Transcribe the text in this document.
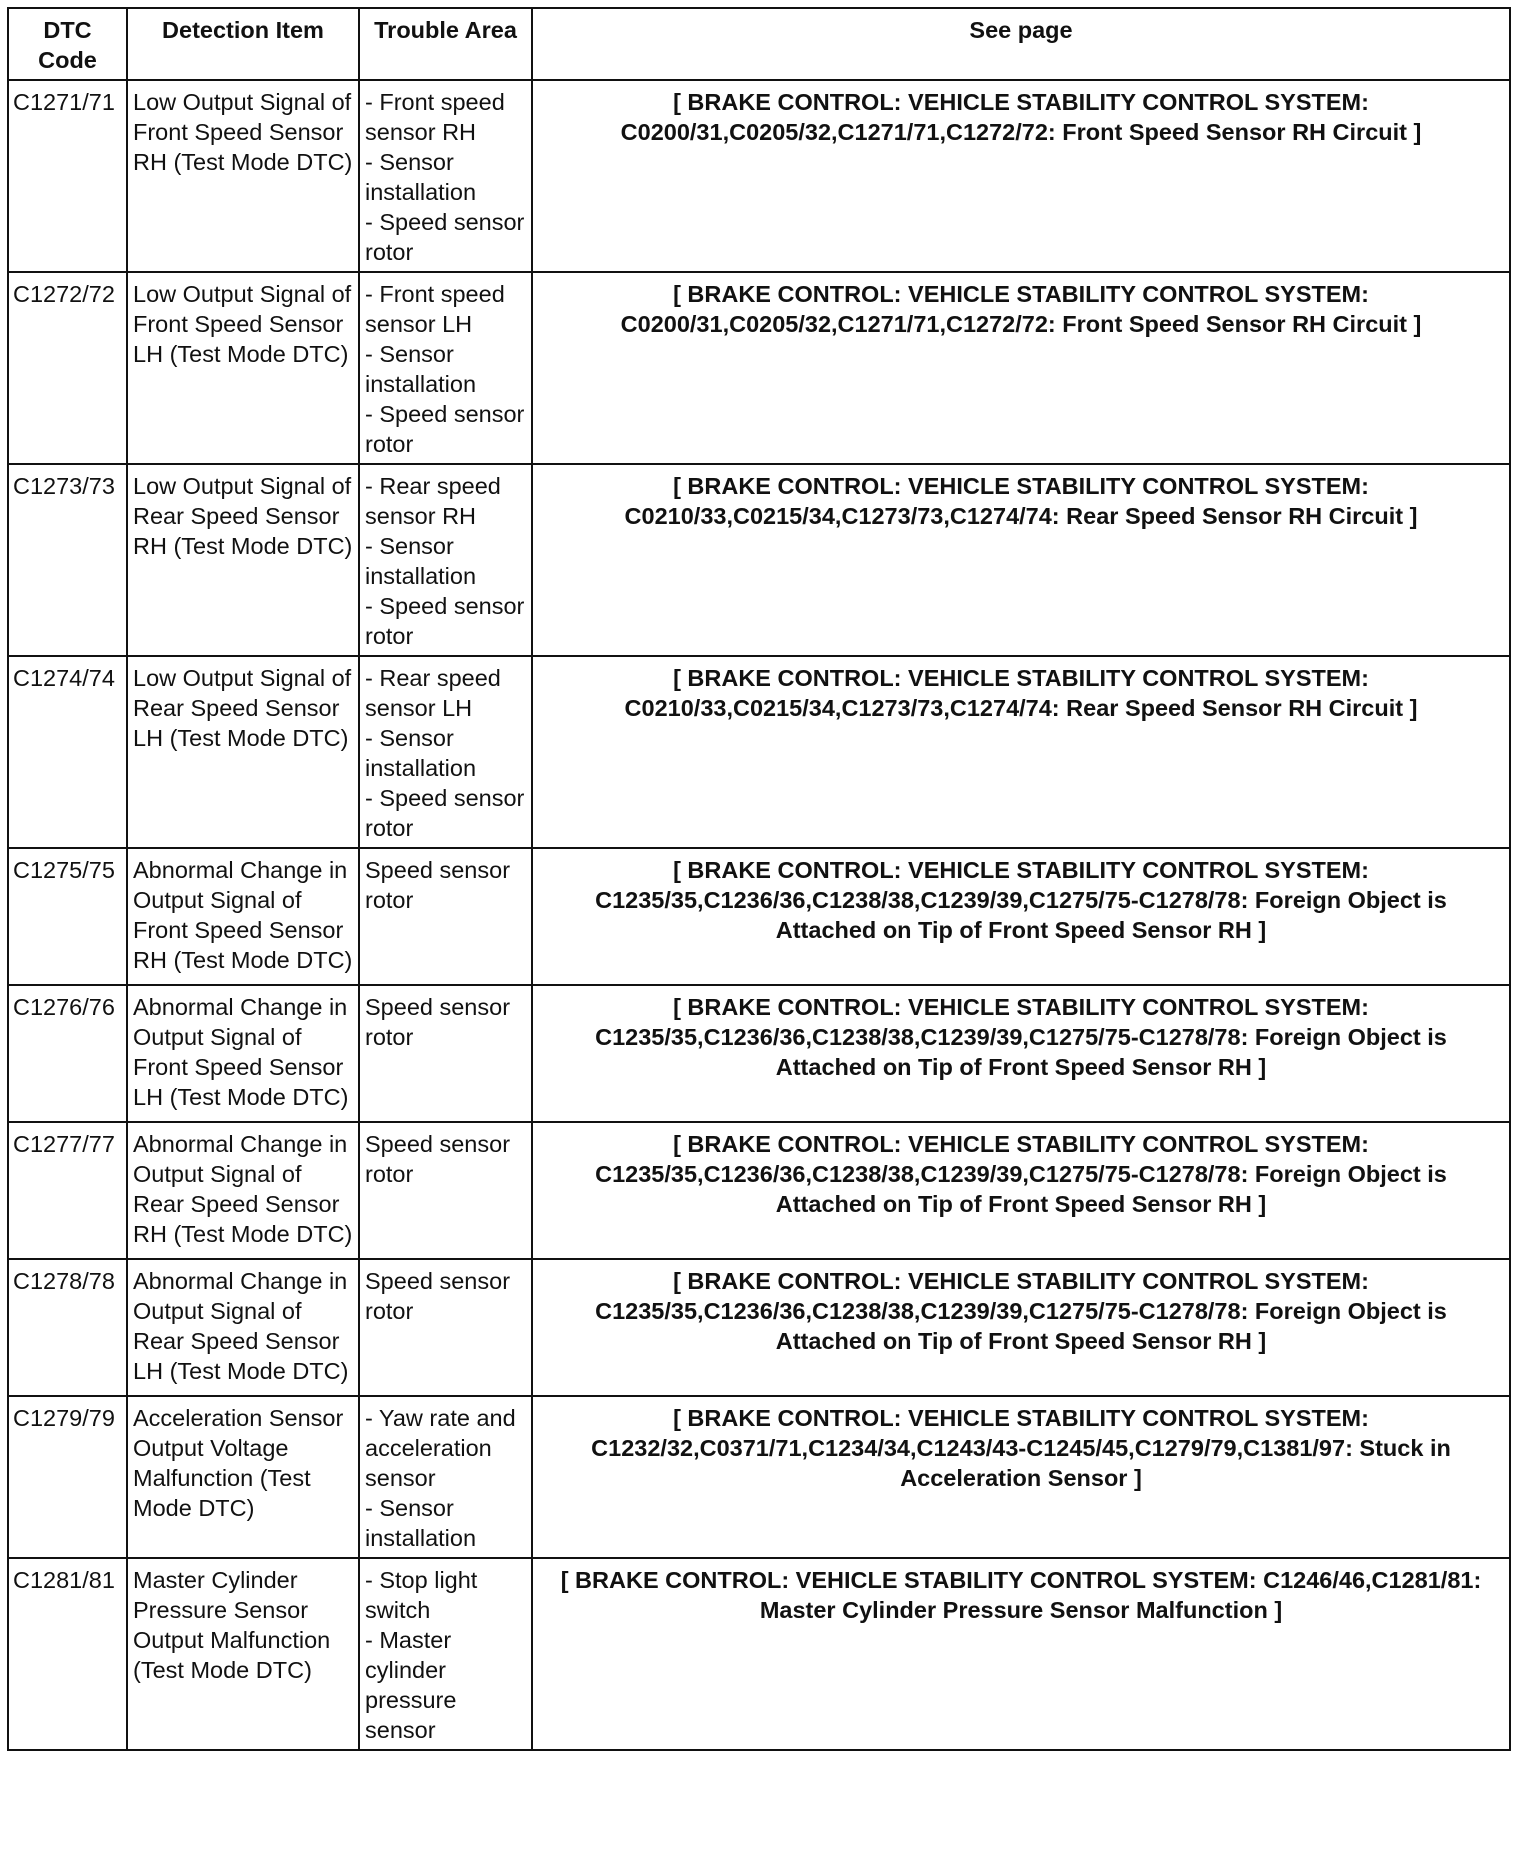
DTC
Code	Detection Item	Trouble Area	See page
C1271/71	Low Output Signal of Front Speed Sensor RH (Test Mode DTC)	- Front speed sensor RH
- Sensor installation
- Speed sensor rotor	[ BRAKE CONTROL: VEHICLE STABILITY CONTROL SYSTEM: C0200/31,C0205/32,C1271/71,C1272/72: Front Speed Sensor RH Circuit ]
C1272/72	Low Output Signal of Front Speed Sensor LH (Test Mode DTC)	- Front speed sensor LH
- Sensor installation
- Speed sensor rotor	[ BRAKE CONTROL: VEHICLE STABILITY CONTROL SYSTEM: C0200/31,C0205/32,C1271/71,C1272/72: Front Speed Sensor RH Circuit ]
C1273/73	Low Output Signal of Rear Speed Sensor RH (Test Mode DTC)	- Rear speed sensor RH
- Sensor installation
- Speed sensor rotor	[ BRAKE CONTROL: VEHICLE STABILITY CONTROL SYSTEM: C0210/33,C0215/34,C1273/73,C1274/74: Rear Speed Sensor RH Circuit ]
C1274/74	Low Output Signal of Rear Speed Sensor LH (Test Mode DTC)	- Rear speed sensor LH
- Sensor installation
- Speed sensor rotor	[ BRAKE CONTROL: VEHICLE STABILITY CONTROL SYSTEM: C0210/33,C0215/34,C1273/73,C1274/74: Rear Speed Sensor RH Circuit ]
C1275/75	Abnormal Change in Output Signal of Front Speed Sensor RH (Test Mode DTC)	Speed sensor rotor	[ BRAKE CONTROL: VEHICLE STABILITY CONTROL SYSTEM: C1235/35,C1236/36,C1238/38,C1239/39,C1275/75-C1278/78: Foreign Object is Attached on Tip of Front Speed Sensor RH ]
C1276/76	Abnormal Change in Output Signal of Front Speed Sensor LH (Test Mode DTC)	Speed sensor rotor	[ BRAKE CONTROL: VEHICLE STABILITY CONTROL SYSTEM: C1235/35,C1236/36,C1238/38,C1239/39,C1275/75-C1278/78: Foreign Object is Attached on Tip of Front Speed Sensor RH ]
C1277/77	Abnormal Change in Output Signal of Rear Speed Sensor RH (Test Mode DTC)	Speed sensor rotor	[ BRAKE CONTROL: VEHICLE STABILITY CONTROL SYSTEM: C1235/35,C1236/36,C1238/38,C1239/39,C1275/75-C1278/78: Foreign Object is Attached on Tip of Front Speed Sensor RH ]
C1278/78	Abnormal Change in Output Signal of Rear Speed Sensor LH (Test Mode DTC)	Speed sensor rotor	[ BRAKE CONTROL: VEHICLE STABILITY CONTROL SYSTEM: C1235/35,C1236/36,C1238/38,C1239/39,C1275/75-C1278/78: Foreign Object is Attached on Tip of Front Speed Sensor RH ]
C1279/79	Acceleration Sensor Output Voltage Malfunction (Test Mode DTC)	- Yaw rate and acceleration sensor
- Sensor installation	[ BRAKE CONTROL: VEHICLE STABILITY CONTROL SYSTEM: C1232/32,C0371/71,C1234/34,C1243/43-C1245/45,C1279/79,C1381/97: Stuck in Acceleration Sensor ]
C1281/81	Master Cylinder Pressure Sensor Output Malfunction (Test Mode DTC)	- Stop light switch
- Master cylinder pressure sensor	[ BRAKE CONTROL: VEHICLE STABILITY CONTROL SYSTEM: C1246/46,C1281/81: Master Cylinder Pressure Sensor Malfunction ]
